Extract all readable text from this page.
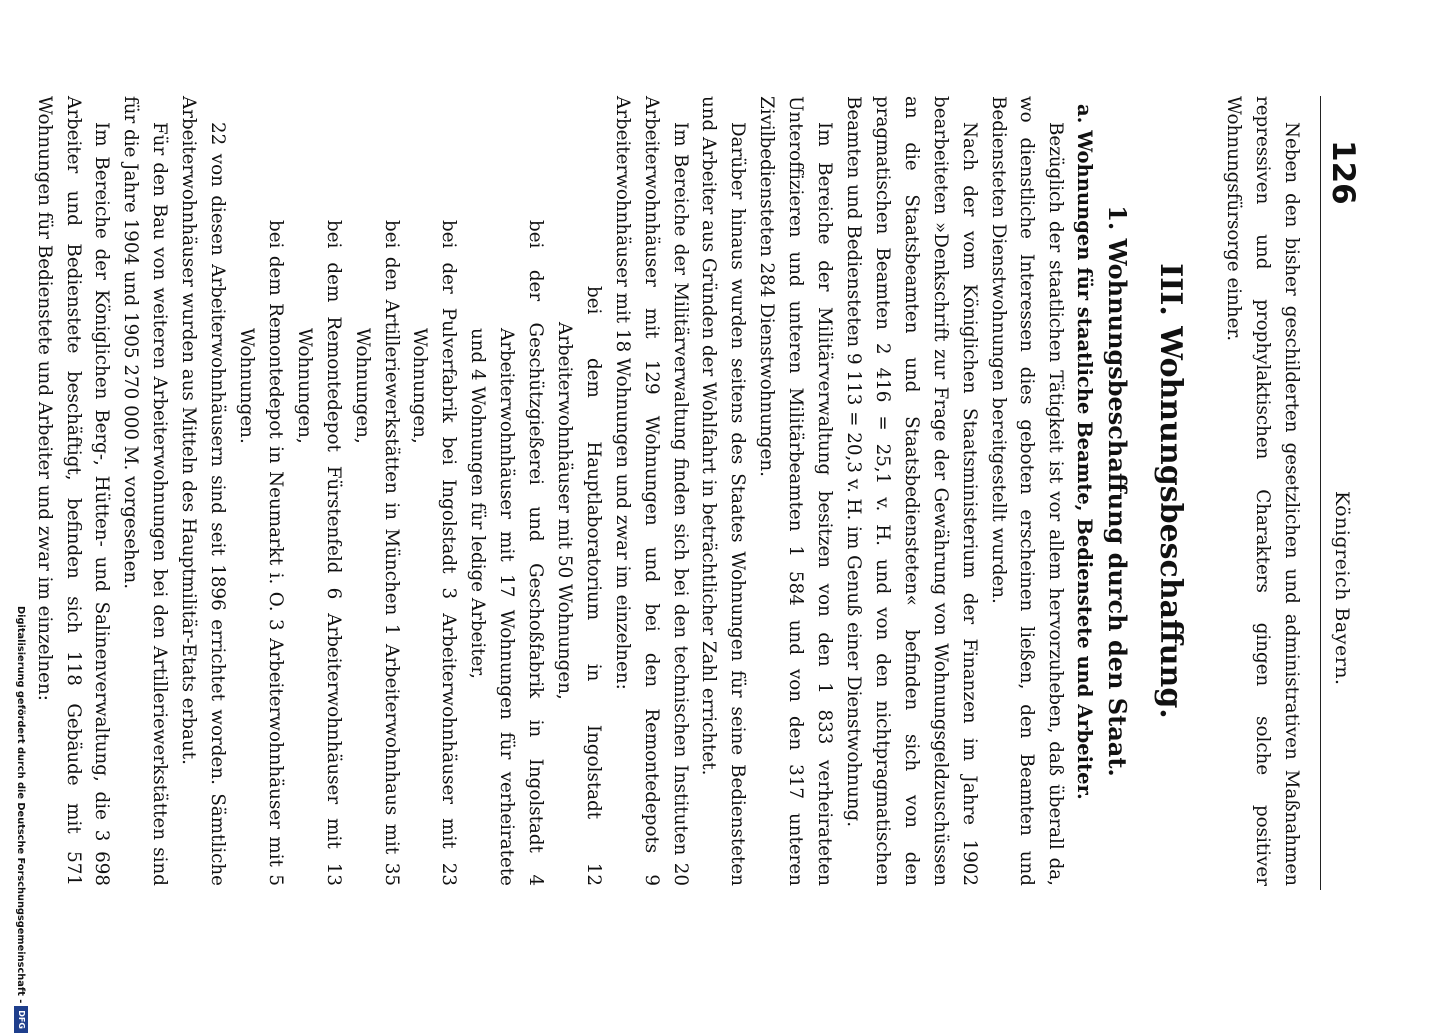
126
Königreich Bayern.

Neben den bisher geschilderten gesetzlichen und administrativen Maßnahmen repressiven und prophylaktischen Charakters gingen solche positiver Wohnungsfürsorge einher.

III. Wohnungsbeschaffung.

1. Wohnungsbeschaffung durch den Staat.

a. Wohnungen für staatliche Beamte, Bedienstete und Arbeiter.

Bezüglich der staatlichen Tätigkeit ist vor allem hervorzuheben, daß überall da, wo dienstliche Interessen dies geboten erscheinen ließen, den Beamten und Bediensteten Dienstwohnungen bereitgestellt wurden.

Nach der vom Königlichen Staatsministerium der Finanzen im Jahre 1902 bearbeiteten »Denkschrift zur Frage der Gewährung von Wohnungsgeldzuschüssen an die Staatsbeamten und Staatsbediensteten« befinden sich von den pragmatischen Beamten 2 416 = 25,1 v. H. und von den nichtpragmatischen Beamten und Bediensteten 9 113 = 20,3 v. H. im Genuß einer Dienstwohnung.

Im Bereiche der Militärverwaltung besitzen von den 1 833 verheirateten Unteroffizieren und unteren Militärbeamten 1 584 und von den 317 unteren Zivilbediensteten 284 Dienstwohnungen.

Darüber hinaus wurden seitens des Staates Wohnungen für seine Bediensteten und Arbeiter aus Gründen der Wohlfahrt in beträchtlicher Zahl errichtet.

Im Bereiche der Militärverwaltung finden sich bei den technischen Instituten 20 Arbeiterwohnhäuser mit 129 Wohnungen und bei den Remontedepots 9 Arbeiterwohnhäuser mit 18 Wohnungen und zwar im einzelnen:

bei dem Hauptlaboratorium in Ingolstadt 12 Arbeiterwohnhäuser mit 50 Wohnungen,

bei der Geschützgießerei und Geschoßfabrik in Ingolstadt 4 Arbeiterwohnhäuser mit 17 Wohnungen für verheiratete und 4 Wohnungen für ledige Arbeiter,

bei der Pulverfabrik bei Ingolstadt 3 Arbeiterwohnhäuser mit 23 Wohnungen,

bei den Artilleriewerkstätten in München 1 Arbeiterwohnhaus mit 35 Wohnungen,

bei dem Remontedepot Fürstenfeld 6 Arbeiterwohnhäuser mit 13 Wohnungen,

bei dem Remontedepot in Neumarkt i. O. 3 Arbeiterwohnhäuser mit 5 Wohnungen.

22 von diesen Arbeiterwohnhäusern sind seit 1896 errichtet worden. Sämtliche Arbeiterwohnhäuser wurden aus Mitteln des Hauptmilitär-Etats erbaut.

Für den Bau von weiteren Arbeiterwohnungen bei den Artilleriewerkstätten sind für die Jahre 1904 und 1905 270 000 M. vorgesehen.

Im Bereiche der Königlichen Berg-, Hütten- und Salinenverwaltung, die 3 698 Arbeiter und Bedienstete beschäftigt, befinden sich 118 Gebäude mit 571 Wohnungen für Bedienstete und Arbeiter und zwar im einzelnen:

Digitalisierung gefördert durch die Deutsche Forschungsgemeinschaft -
DFG
